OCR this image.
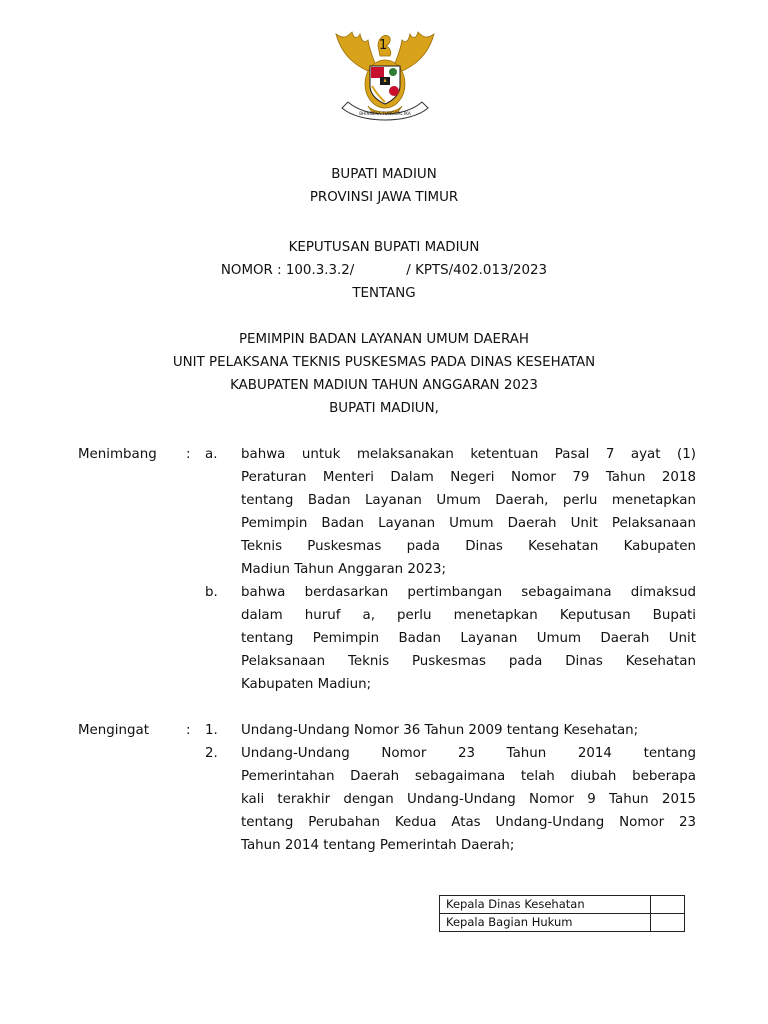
BHINNEKA TUNGGAL IKA
1
BUPATI MADIUN
PROVINSI JAWA TIMUR
KEPUTUSAN BUPATI MADIUN
NOMOR : 100.3.3.2/	/ KPTS/402.013/2023
TENTANG
PEMIMPIN BADAN LAYANAN UMUM DAERAH
UNIT PELAKSANA TEKNIS PUSKESMAS PADA DINAS KESEHATAN
KABUPATEN MADIUN TAHUN ANGGARAN 2023
BUPATI MADIUN,
Menimbang : a. bahwa untuk melaksanakan ketentuan Pasal 7 ayat (1)
Peraturan Menteri Dalam Negeri Nomor 79 Tahun 2018
tentang Badan Layanan Umum Daerah, perlu menetapkan
Pemimpin Badan Layanan Umum Daerah Unit Pelaksanaan
Teknis Puskesmas pada Dinas Kesehatan Kabupaten
Madiun Tahun Anggaran 2023;
b. bahwa berdasarkan pertimbangan sebagaimana dimaksud
dalam huruf a, perlu menetapkan Keputusan Bupati
tentang Pemimpin Badan Layanan Umum Daerah Unit
Pelaksanaan Teknis Puskesmas pada Dinas Kesehatan
Kabupaten Madiun;
Mengingat	: 1. Undang-Undang Nomor 36 Tahun 2009 tentang Kesehatan;
2. Undang-Undang Nomor 23 Tahun 2014 tentang
Pemerintahan Daerah sebagaimana telah diubah beberapa
kali terakhir dengan Undang-Undang Nomor 9 Tahun 2015
tentang Perubahan Kedua Atas Undang-Undang Nomor 23
Tahun 2014 tentang Pemerintah Daerah;
Kepala Dinas Kesehatan	
Kepala Bagian Hukum	
